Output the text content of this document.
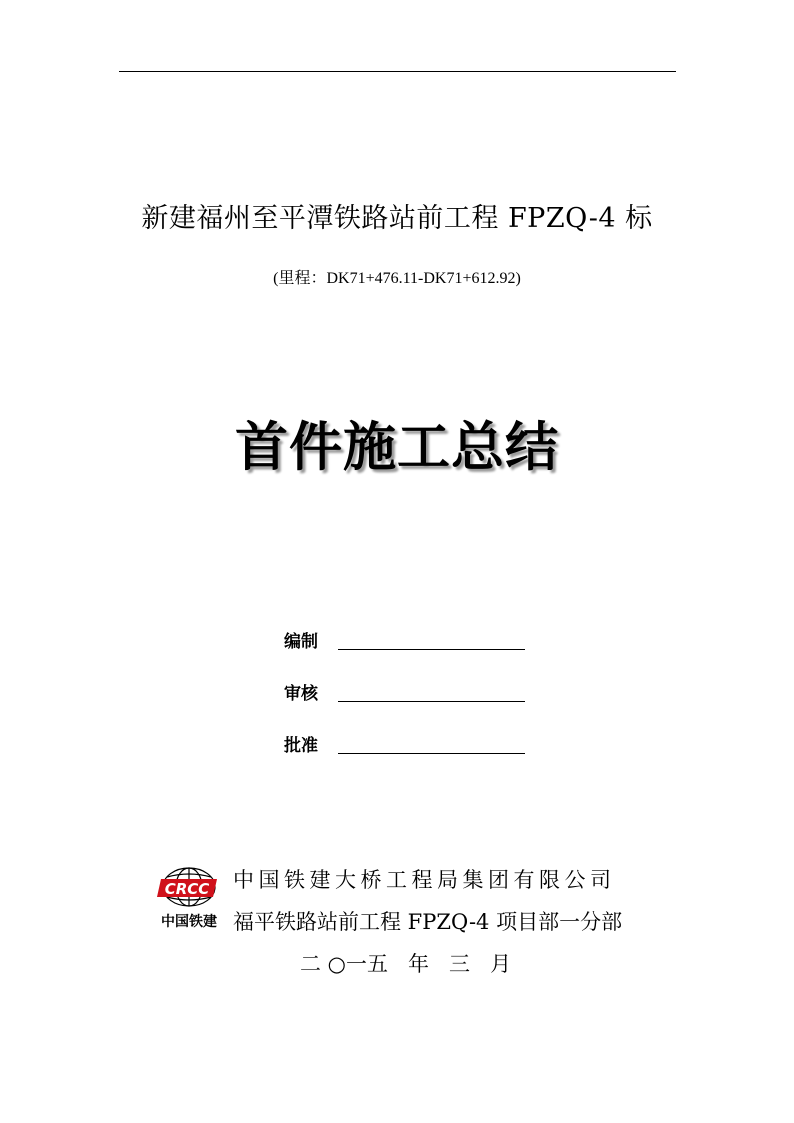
新建福州至平潭铁路站前工程 FPZQ-4 标
(里程：DK71+476.11-DK71+612.92)
首件施工总结
编制
审核
批准
CRCC
中国铁建
中国铁建大桥工程局集团有限公司
福平铁路站前工程 FPZQ-4 项目部一分部
二 ○一五   年   三   月
